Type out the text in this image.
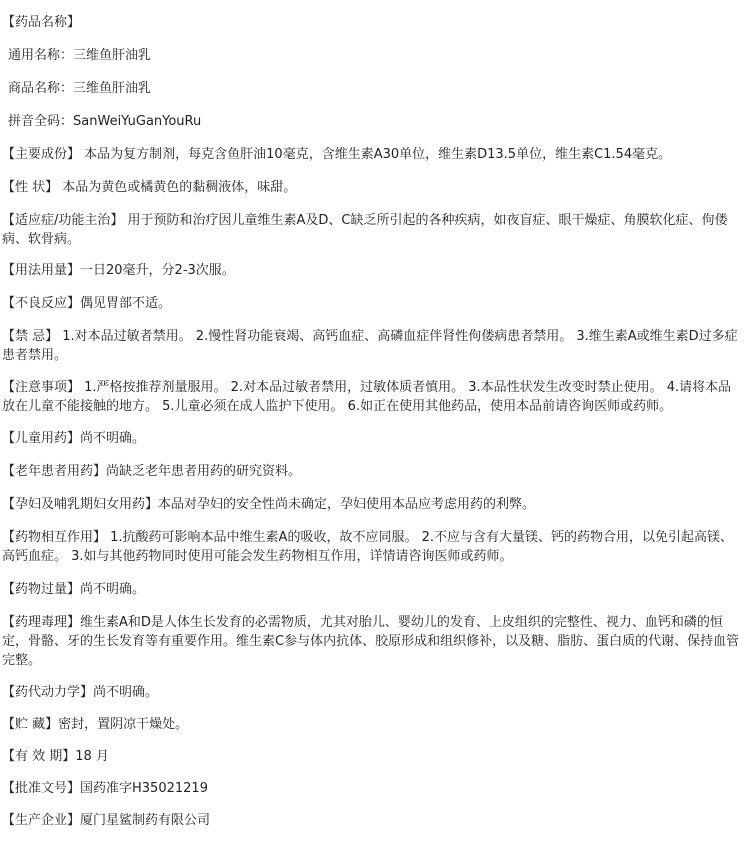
【药品名称】
通用名称：三维鱼肝油乳
商品名称：三维鱼肝油乳
拼音全码：SanWeiYuGanYouRu

【主要成份】 本品为复方制剂，每克含鱼肝油10毫克，含维生素A30单位，维生素D13.5单位，维生素C1.54毫克。

【性 状】 本品为黄色或橘黄色的黏稠液体，味甜。

【适应症/功能主治】 用于预防和治疗因儿童维生素A及D、C缺乏所引起的各种疾病，如夜盲症、眼干燥症、角膜软化症、佝偻病、软骨病。

【用法用量】一日20毫升，分2-3次服。

【不良反应】偶见胃部不适。

【禁 忌】 1.对本品过敏者禁用。 2.慢性肾功能衰竭、高钙血症、高磷血症伴肾性佝偻病患者禁用。 3.维生素A或维生素D过多症患者禁用。

【注意事项】 1.严格按推荐剂量服用。 2.对本品过敏者禁用，过敏体质者慎用。 3.本品性状发生改变时禁止使用。 4.请将本品放在儿童不能接触的地方。 5.儿童必须在成人监护下使用。 6.如正在使用其他药品，使用本品前请咨询医师或药师。

【儿童用药】尚不明确。

【老年患者用药】尚缺乏老年患者用药的研究资料。

【孕妇及哺乳期妇女用药】本品对孕妇的安全性尚未确定，孕妇使用本品应考虑用药的利弊。

【药物相互作用】 1.抗酸药可影响本品中维生素A的吸收，故不应同服。 2.不应与含有大量镁、钙的药物合用，以免引起高镁、高钙血症。 3.如与其他药物同时使用可能会发生药物相互作用，详情请咨询医师或药师。

【药物过量】尚不明确。

【药理毒理】维生素A和D是人体生长发育的必需物质，尤其对胎儿、婴幼儿的发育、上皮组织的完整性、视力、血钙和磷的恒定，骨骼、牙的生长发育等有重要作用。维生素C参与体内抗体、胶原形成和组织修补，以及糖、脂肪、蛋白质的代谢、保持血管完整。

【药代动力学】尚不明确。

【贮 藏】密封，置阴凉干燥处。

【有 效 期】18 月

【批准文号】国药准字H35021219

【生产企业】厦门星鲨制药有限公司
